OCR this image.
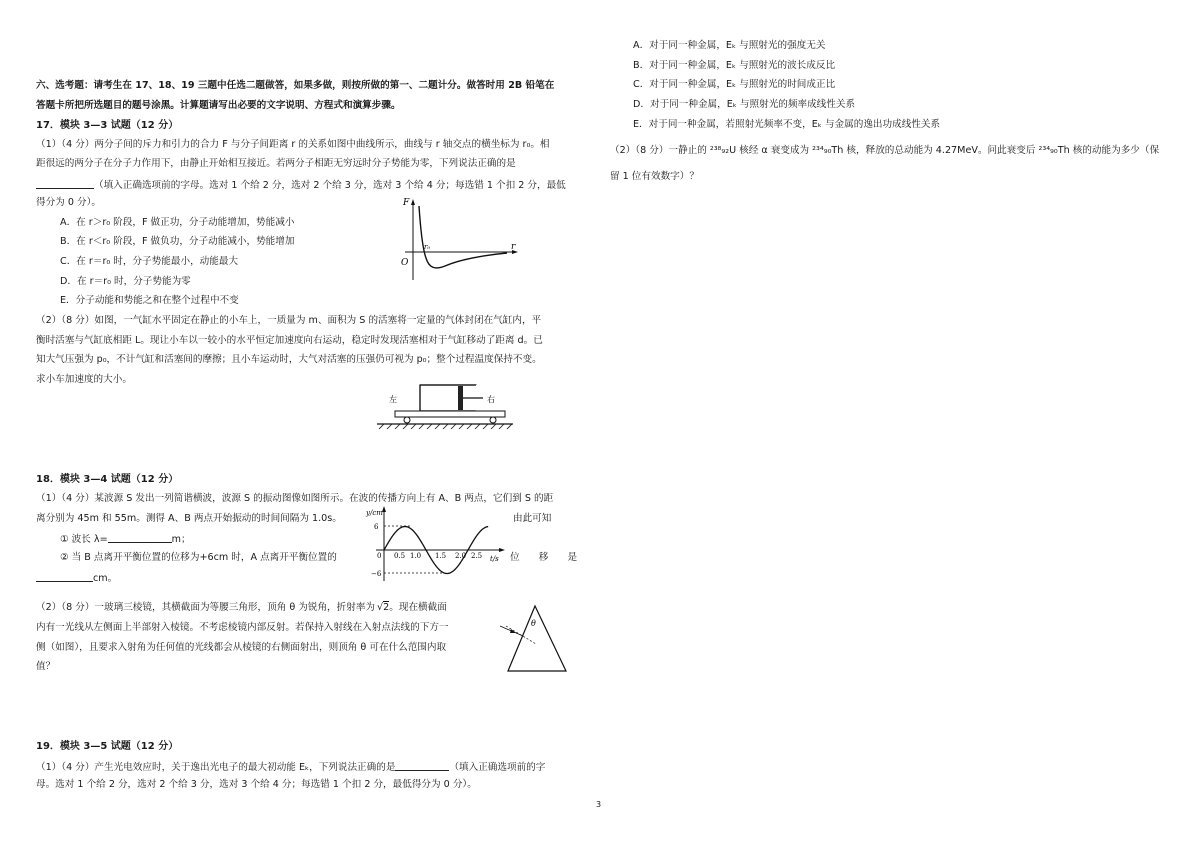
六、选考题：请考生在 17、18、19 三题中任选二题做答，如果多做，则按所做的第一、二题计分。做答时用 2B 铅笔在
答题卡所把所选题目的题号涂黑。计算题请写出必要的文字说明、方程式和演算步骤。
17．模块 3—3 试题（12 分）
（1）（4 分）两分子间的斥力和引力的合力 F 与分子间距离 r 的关系如图中曲线所示，曲线与 r 轴交点的横坐标为 r₀。相
距很远的两分子在分子力作用下，由静止开始相互接近。若两分子相距无穷远时分子势能为零，下列说法正确的是
（填入正确选项前的字母。选对 1 个给 2 分，选对 2 个给 3 分，选对 3 个给 4 分；每选错 1 个扣 2 分，最低
得分为 0 分）。
A．在 r＞r₀ 阶段，F 做正功，分子动能增加，势能减小
B．在 r＜r₀ 阶段，F 做负功，分子动能减小，势能增加
C．在 r＝r₀ 时，分子势能最小，动能最大
D．在 r＝r₀ 时，分子势能为零
E．分子动能和势能之和在整个过程中不变
F
O
r
r₀
（2）（8 分）如图，一气缸水平固定在静止的小车上，一质量为 m、面积为 S 的活塞将一定量的气体封闭在气缸内，平
衡时活塞与气缸底相距 L。现让小车以一较小的水平恒定加速度向右运动，稳定时发现活塞相对于气缸移动了距离 d。已
知大气压强为 p₀，不计气缸和活塞间的摩擦；且小车运动时，大气对活塞的压强仍可视为 p₀；整个过程温度保持不变。
求小车加速度的大小。
左	右
18．模块 3—4 试题（12 分）
（1）（4 分）某波源 S 发出一列简谐横波，波源 S 的振动图像如图所示。在波的传播方向上有 A、B 两点，它们到 S 的距
离分别为 45m 和 55m。测得 A、B 两点开始振动的时间间隔为 1.0s。	由此可知
① 波长 λ=	m；
② 当 B 点离开平衡位置的位移为+6cm 时，A 点离开平衡位置的	位　　移　　是
cm。
y/cm
t/s
6
0
−6
0.5 1.0 1.5 2.0 2.5
（2）（8 分）一玻璃三棱镜，其横截面为等腰三角形，顶角 θ 为锐角，折射率为 √2。现在横截面
内有一光线从左侧面上半部射入棱镜。不考虑棱镜内部反射。若保持入射线在入射点法线的下方一
侧（如图），且要求入射角为任何值的光线都会从棱镜的右侧面射出，则顶角 θ 可在什么范围内取
值？
θ
19．模块 3—5 试题（12 分）
（1）（4 分）产生光电效应时，关于逸出光电子的最大初动能 Eₖ，下列说法正确的是	（填入正确选项前的字
母。选对 1 个给 2 分，选对 2 个给 3 分，选对 3 个给 4 分；每选错 1 个扣 2 分，最低得分为 0 分）。
A．对于同一种金属，Eₖ 与照射光的强度无关
B．对于同一种金属，Eₖ 与照射光的波长成反比
C．对于同一种金属，Eₖ 与照射光的时间成正比
D．对于同一种金属，Eₖ 与照射光的频率成线性关系
E．对于同一种金属，若照射光频率不变，Eₖ 与金属的逸出功成线性关系
（2）（8 分）一静止的 ²³⁸₉₂U 核经 α 衰变成为 ²³⁴₉₀Th 核，释放的总动能为 4.27MeV。问此衰变后 ²³⁴₉₀Th 核的动能为多少（保
留 1 位有效数字）？
3
